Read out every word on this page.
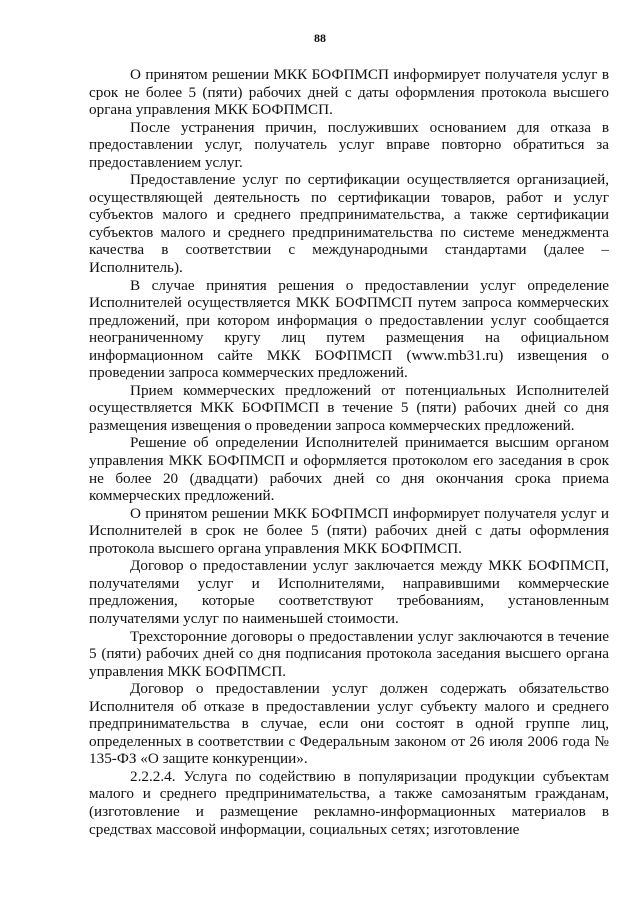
88

О принятом решении МКК БОФПМСП информирует получателя услуг в срок не более 5 (пяти) рабочих дней с даты оформления протокола высшего органа управления МКК БОФПМСП.

После устранения причин, послуживших основанием для отказа в предоставлении услуг, получатель услуг вправе повторно обратиться за предоставлением услуг.

Предоставление услуг по сертификации осуществляется организацией, осуществляющей деятельность по сертификации товаров, работ и услуг субъектов малого и среднего предпринимательства, а также сертификации субъектов малого и среднего предпринимательства по системе менеджмента качества в соответствии с международными стандартами (далее – Исполнитель).

В случае принятия решения о предоставлении услуг определение Исполнителей осуществляется МКК БОФПМСП путем запроса коммерческих предложений, при котором информация о предоставлении услуг сообщается неограниченному кругу лиц путем размещения на официальном информационном сайте МКК БОФПМСП (www.mb31.ru) извещения о проведении запроса коммерческих предложений.

Прием коммерческих предложений от потенциальных Исполнителей осуществляется МКК БОФПМСП в течение 5 (пяти) рабочих дней со дня размещения извещения о проведении запроса коммерческих предложений.

Решение об определении Исполнителей принимается высшим органом управления МКК БОФПМСП и оформляется протоколом его заседания в срок не более 20 (двадцати) рабочих дней со дня окончания срока приема коммерческих предложений.

О принятом решении МКК БОФПМСП информирует получателя услуг и Исполнителей в срок не более 5 (пяти) рабочих дней с даты оформления протокола высшего органа управления МКК БОФПМСП.

Договор о предоставлении услуг заключается между МКК БОФПМСП, получателями услуг и Исполнителями, направившими коммерческие предложения, которые соответствуют требованиям, установленным получателями услуг по наименьшей стоимости.

Трехсторонние договоры о предоставлении услуг заключаются в течение 5 (пяти) рабочих дней со дня подписания протокола заседания высшего органа управления МКК БОФПМСП.

Договор о предоставлении услуг должен содержать обязательство Исполнителя об отказе в предоставлении услуг субъекту малого и среднего предпринимательства в случае, если они состоят в одной группе лиц, определенных в соответствии с Федеральным законом от 26 июля 2006 года № 135-ФЗ «О защите конкуренции».

2.2.2.4. Услуга по содействию в популяризации продукции субъектам малого и среднего предпринимательства, а также самозанятым гражданам, (изготовление и размещение рекламно-информационных материалов в средствах массовой информации, социальных сетях; изготовление
